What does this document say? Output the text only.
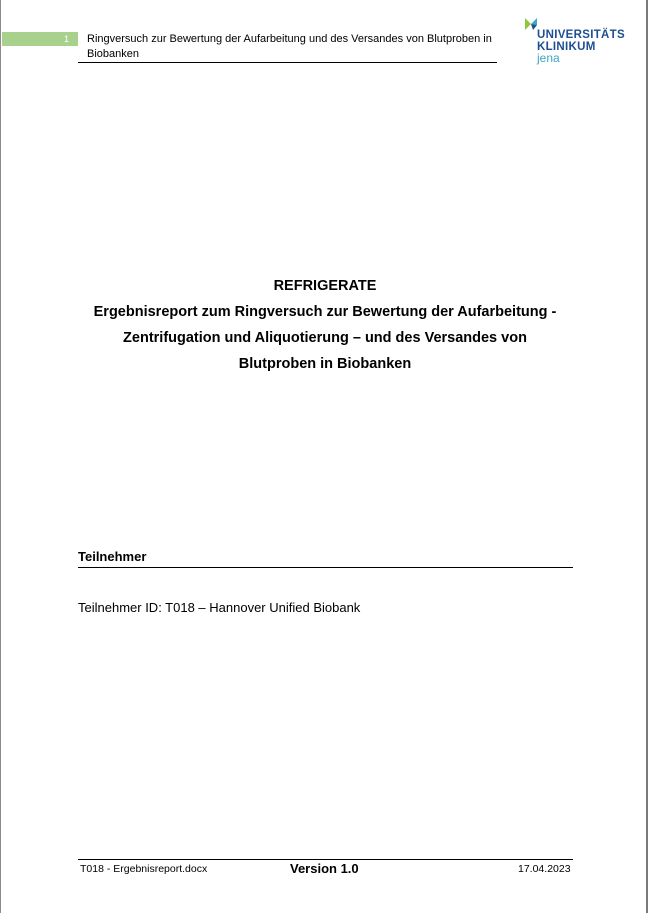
1	Ringversuch zur Bewertung der Aufarbeitung und des Versandes von Blutproben in Biobanken
UNIVERSITÄTS
KLINIKUM
jena
REFRIGERATE
Ergebnisreport zum Ringversuch zur Bewertung der Aufarbeitung -
Zentrifugation und Aliquotierung – und des Versandes von
Blutproben in Biobanken
Teilnehmer
Teilnehmer ID: T018 – Hannover Unified Biobank
T018 - Ergebnisreport.docx	Version 1.0	17.04.2023
